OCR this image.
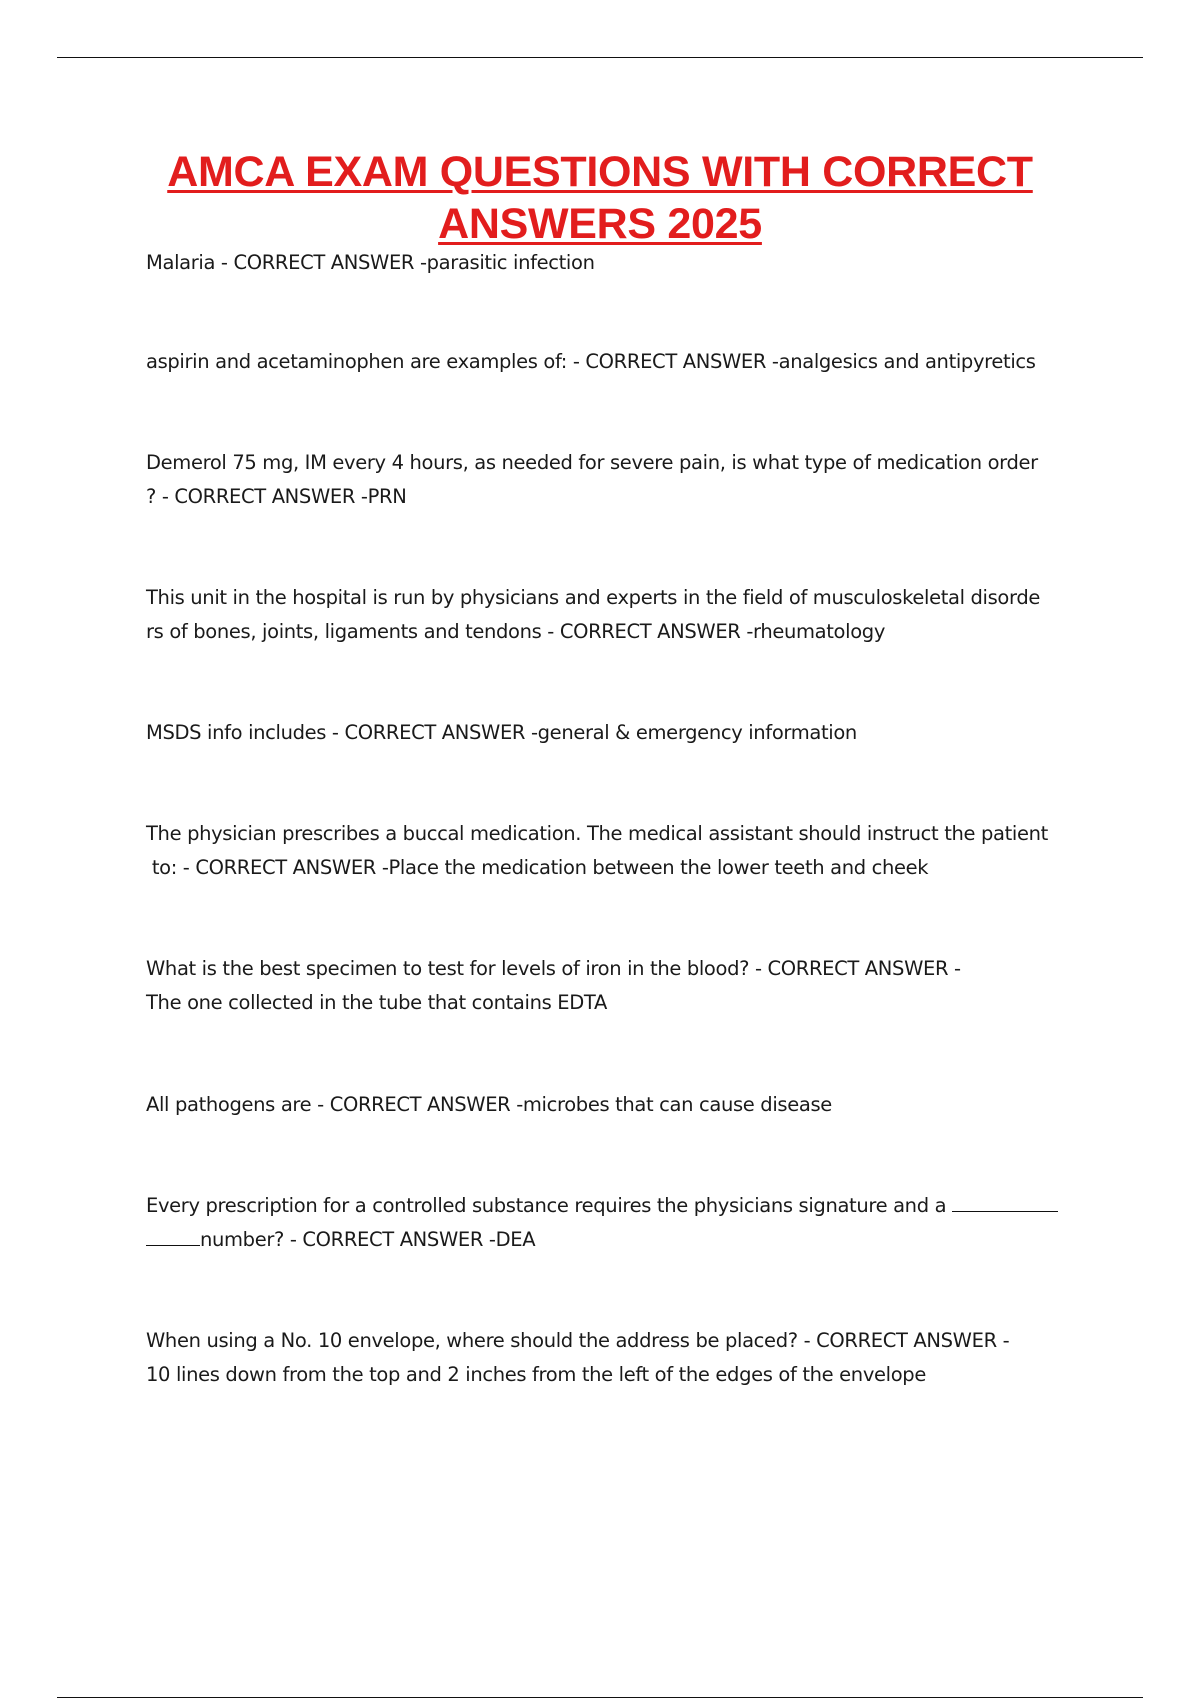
AMCA EXAM QUESTIONS WITH CORRECT
ANSWERS 2025

Malaria - CORRECT ANSWER -parasitic infection

aspirin and acetaminophen are examples of: - CORRECT ANSWER -analgesics and antipyretics

Demerol 75 mg, IM every 4 hours, as needed for severe pain, is what type of medication order
? - CORRECT ANSWER -PRN

This unit in the hospital is run by physicians and experts in the field of musculoskeletal disorde
rs of bones, joints, ligaments and tendons - CORRECT ANSWER -rheumatology

MSDS info includes - CORRECT ANSWER -general & emergency information

The physician prescribes a buccal medication. The medical assistant should instruct the patient
to: - CORRECT ANSWER -Place the medication between the lower teeth and cheek

What is the best specimen to test for levels of iron in the blood? - CORRECT ANSWER -
The one collected in the tube that contains EDTA

All pathogens are - CORRECT ANSWER -microbes that can cause disease

Every prescription for a controlled substance requires the physicians signature and a
number? - CORRECT ANSWER -DEA

When using a No. 10 envelope, where should the address be placed? - CORRECT ANSWER -
10 lines down from the top and 2 inches from the left of the edges of the envelope
